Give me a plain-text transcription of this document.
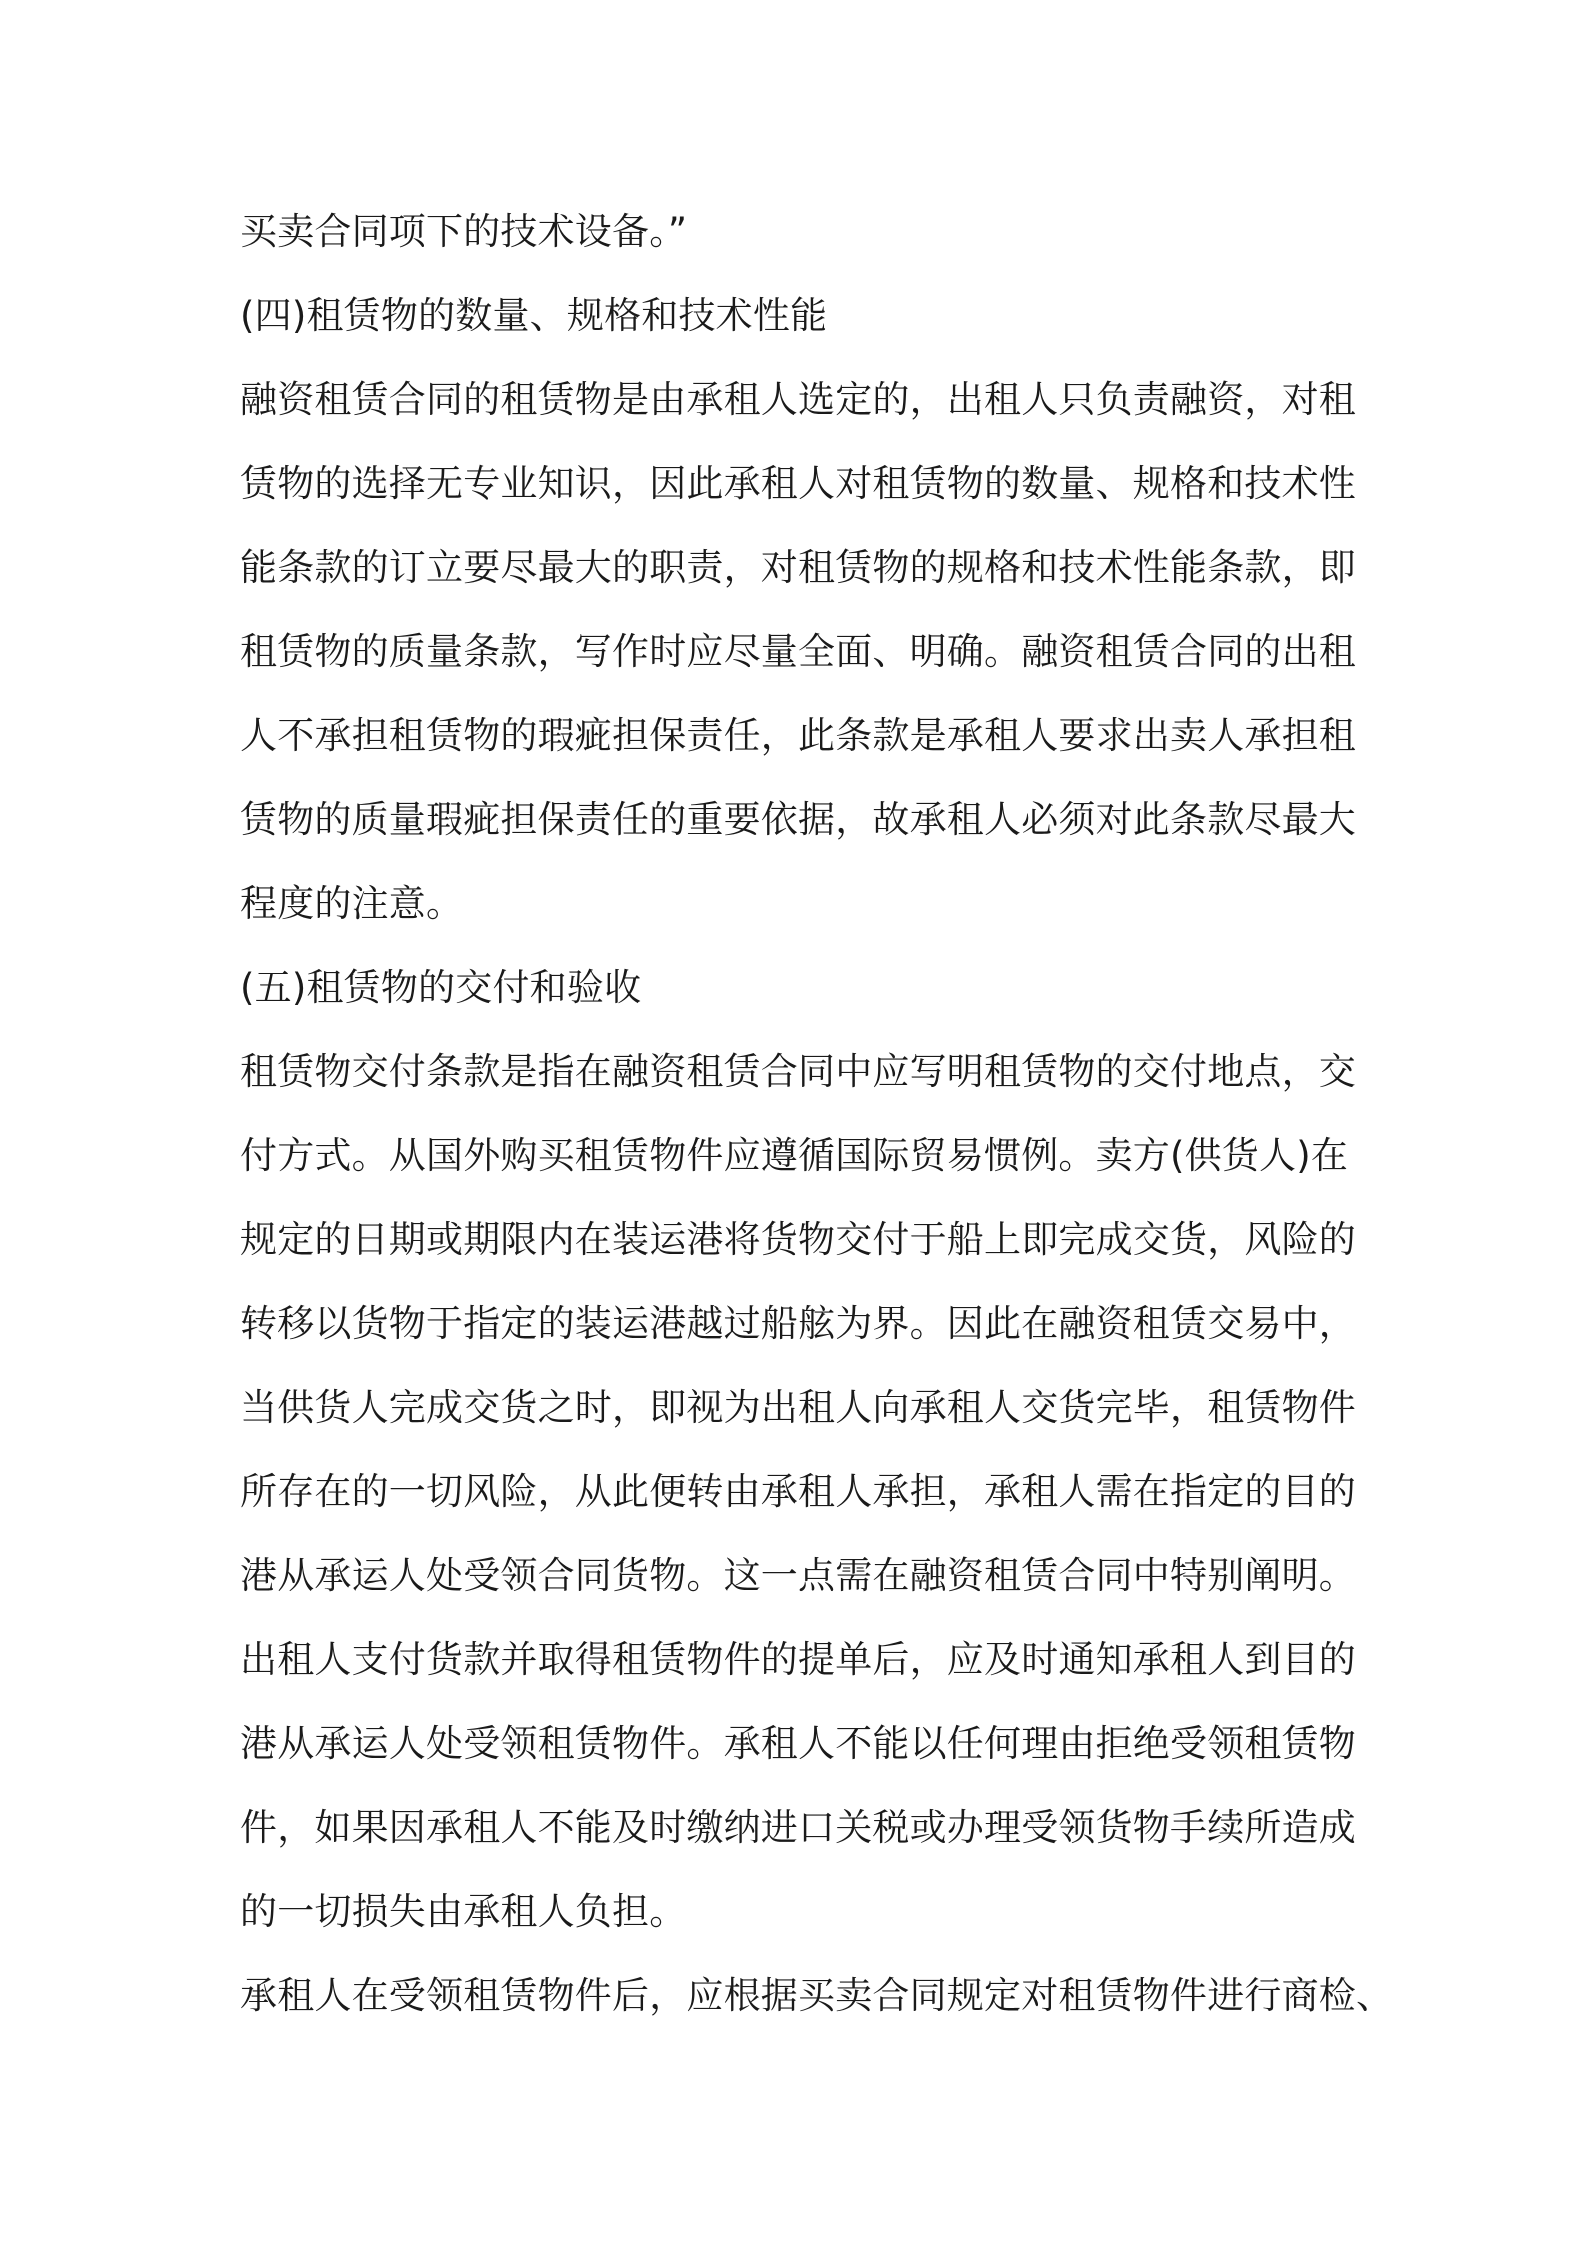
买卖合同项下的技术设备。”
(四)租赁物的数量、规格和技术性能
融资租赁合同的租赁物是由承租人选定的，出租人只负责融资，对租
赁物的选择无专业知识，因此承租人对租赁物的数量、规格和技术性
能条款的订立要尽最大的职责，对租赁物的规格和技术性能条款，即
租赁物的质量条款，写作时应尽量全面、明确。融资租赁合同的出租
人不承担租赁物的瑕疵担保责任，此条款是承租人要求出卖人承担租
赁物的质量瑕疵担保责任的重要依据，故承租人必须对此条款尽最大
程度的注意。
(五)租赁物的交付和验收
租赁物交付条款是指在融资租赁合同中应写明租赁物的交付地点，交
付方式。从国外购买租赁物件应遵循国际贸易惯例。卖方(供货人)在
规定的日期或期限内在装运港将货物交付于船上即完成交货，风险的
转移以货物于指定的装运港越过船舷为界。因此在融资租赁交易中，
当供货人完成交货之时，即视为出租人向承租人交货完毕，租赁物件
所存在的一切风险，从此便转由承租人承担，承租人需在指定的目的
港从承运人处受领合同货物。这一点需在融资租赁合同中特别阐明。
出租人支付货款并取得租赁物件的提单后，应及时通知承租人到目的
港从承运人处受领租赁物件。承租人不能以任何理由拒绝受领租赁物
件，如果因承租人不能及时缴纳进口关税或办理受领货物手续所造成
的一切损失由承租人负担。
承租人在受领租赁物件后，应根据买卖合同规定对租赁物件进行商检、
